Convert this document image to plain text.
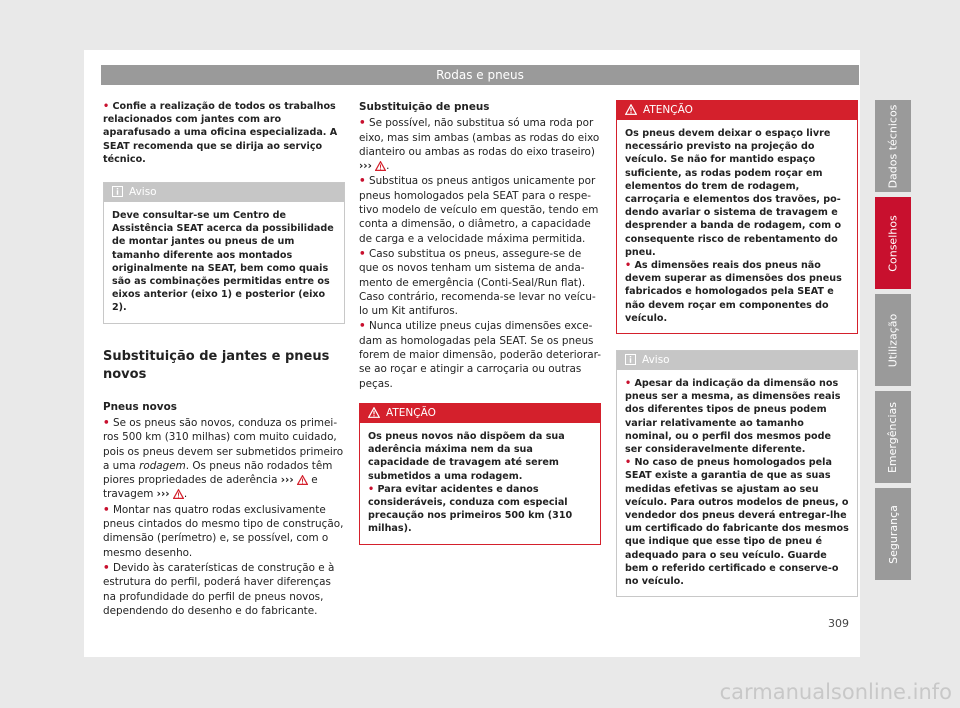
Rodas e pneus

• Confie a realização de todos os trabalhos relacionados com jantes com aro aparafusado a uma oficina especializada. A SEAT recomenda que se dirija ao serviço técnico.

Aviso
Deve consultar-se um Centro de Assistência SEAT acerca da possibilidade de montar jantes ou pneus de um tamanho diferente aos montados originalmente na SEAT, bem como quais são as combinações permitidas entre os eixos anterior (eixo 1) e posterior (eixo 2).

Substituição de jantes e pneus novos

Pneus novos

• Se os pneus são novos, conduza os primeiros 500 km (310 milhas) com muito cuidado, pois os pneus devem ser submetidos primeiro a uma rodagem. Os pneus não rodados têm piores propriedades de aderência ›››  e travagem ››› .

• Montar nas quatro rodas exclusivamente pneus cintados do mesmo tipo de construção, dimensão (perímetro) e, se possível, com o mesmo desenho.

• Devido às caraterísticas de construção e à estrutura do perfil, poderá haver diferenças na profundidade do perfil de pneus novos, dependendo do desenho e do fabricante.

Substituição de pneus

• Se possível, não substitua só uma roda por eixo, mas sim ambas (ambas as rodas do eixo dianteiro ou ambas as rodas do eixo traseiro) ››› .

• Substitua os pneus antigos unicamente por pneus homologados pela SEAT para o respetivo modelo de veículo em questão, tendo em conta a dimensão, o diâmetro, a capacidade de carga e a velocidade máxima permitida.

• Caso substitua os pneus, assegure-se de que os novos tenham um sistema de andamento de emergência (Conti-Seal/Run flat). Caso contrário, recomenda-se levar no veículo um Kit antifuros.

• Nunca utilize pneus cujas dimensões excedam as homologadas pela SEAT. Se os pneus forem de maior dimensão, poderão deteriorar-se ao roçar e atingir a carroçaria ou outras peças.

ATENÇÃO
Os pneus novos não dispõem da sua aderência máxima nem da sua capacidade de travagem até serem submetidos a uma rodagem.
• Para evitar acidentes e danos consideráveis, conduza com especial precaução nos primeiros 500 km (310 milhas).
ATENÇÃO
Os pneus devem deixar o espaço livre necessário previsto na projeção do veículo. Se não for mantido espaço suficiente, as rodas podem roçar em elementos do trem de rodagem, carroçaria e elementos dos travões, podendo avariar o sistema de travagem e desprender a banda de rodagem, com o consequente risco de rebentamento do pneu.
• As dimensões reais dos pneus não devem superar as dimensões dos pneus fabricados e homologados pela SEAT e não devem roçar em componentes do veículo.
Aviso
• Apesar da indicação da dimensão nos pneus ser a mesma, as dimensões reais dos diferentes tipos de pneus podem variar relativamente ao tamanho nominal, ou o perfil dos mesmos pode ser consideravelmente diferente.
• No caso de pneus homologados pela SEAT existe a garantia de que as suas medidas efetivas se ajustam ao seu veículo. Para outros modelos de pneus, o vendedor dos pneus deverá entregar-lhe um certificado do fabricante dos mesmos que indique que esse tipo de pneu é adequado para o seu veículo. Guarde bem o referido certificado e conserve-o no veículo.
Dados técnicos
Conselhos
Utilização
Emergências
Segurança
309
carmanualsonline.info
